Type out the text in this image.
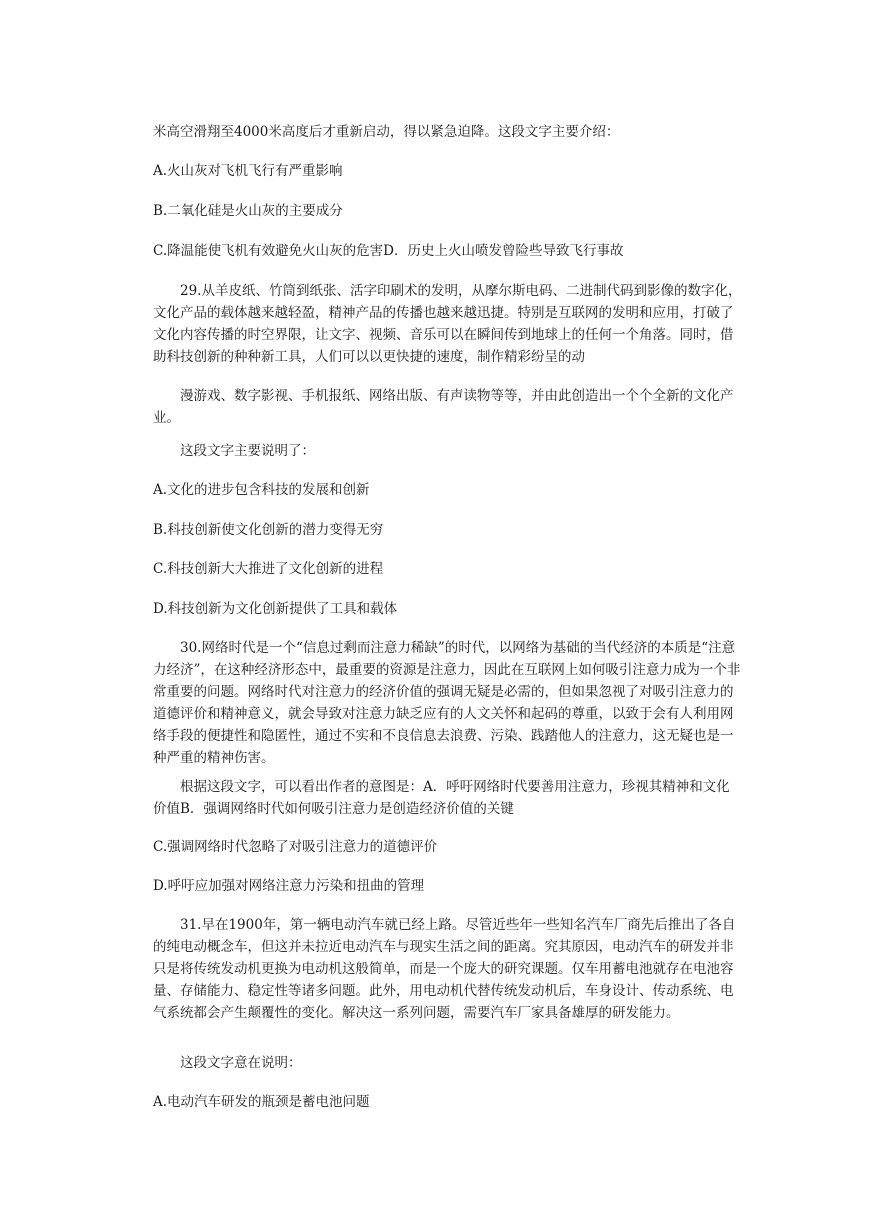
米高空滑翔至4000米高度后才重新启动，得以紧急迫降。这段文字主要介绍：

A.火山灰对飞机飞行有严重影响

B.二氧化硅是火山灰的主要成分

C.降温能使飞机有效避免火山灰的危害D．历史上火山喷发曾险些导致飞行事故

29.从羊皮纸、竹筒到纸张、活字印刷术的发明，从摩尔斯电码、二进制代码到影像的数字化，文化产品的载体越来越轻盈，精神产品的传播也越来越迅捷。特别是互联网的发明和应用，打破了文化内容传播的时空界限，让文字、视频、音乐可以在瞬间传到地球上的任何一个角落。同时，借助科技创新的种种新工具，人们可以以更快捷的速度，制作精彩纷呈的动

漫游戏、数字影视、手机报纸、网络出版、有声读物等等，并由此创造出一个个全新的文化产业。

这段文字主要说明了：

A.文化的进步包含科技的发展和创新

B.科技创新使文化创新的潜力变得无穷

C.科技创新大大推进了文化创新的进程

D.科技创新为文化创新提供了工具和载体

30.网络时代是一个“信息过剩而注意力稀缺”的时代，以网络为基础的当代经济的本质是“注意力经济”，在这种经济形态中，最重要的资源是注意力，因此在互联网上如何吸引注意力成为一个非常重要的问题。网络时代对注意力的经济价值的强调无疑是必需的，但如果忽视了对吸引注意力的道德评价和精神意义，就会导致对注意力缺乏应有的人文关怀和起码的尊重，以致于会有人利用网络手段的便捷性和隐匿性，通过不实和不良信息去浪费、污染、践踏他人的注意力，这无疑也是一种严重的精神伤害。

根据这段文字，可以看出作者的意图是：A．呼吁网络时代要善用注意力，珍视其精神和文化价值B．强调网络时代如何吸引注意力是创造经济价值的关键

C.强调网络时代忽略了对吸引注意力的道德评价

D.呼吁应加强对网络注意力污染和扭曲的管理

31.早在1900年，第一辆电动汽车就已经上路。尽管近些年一些知名汽车厂商先后推出了各自的纯电动概念车，但这并未拉近电动汽车与现实生活之间的距离。究其原因，电动汽车的研发并非只是将传统发动机更换为电动机这般简单，而是一个庞大的研究课题。仅车用蓄电池就存在电池容量、存储能力、稳定性等诸多问题。此外，用电动机代替传统发动机后，车身设计、传动系统、电气系统都会产生颠覆性的变化。解决这一系列问题，需要汽车厂家具备雄厚的研发能力。

这段文字意在说明：

A.电动汽车研发的瓶颈是蓄电池问题
